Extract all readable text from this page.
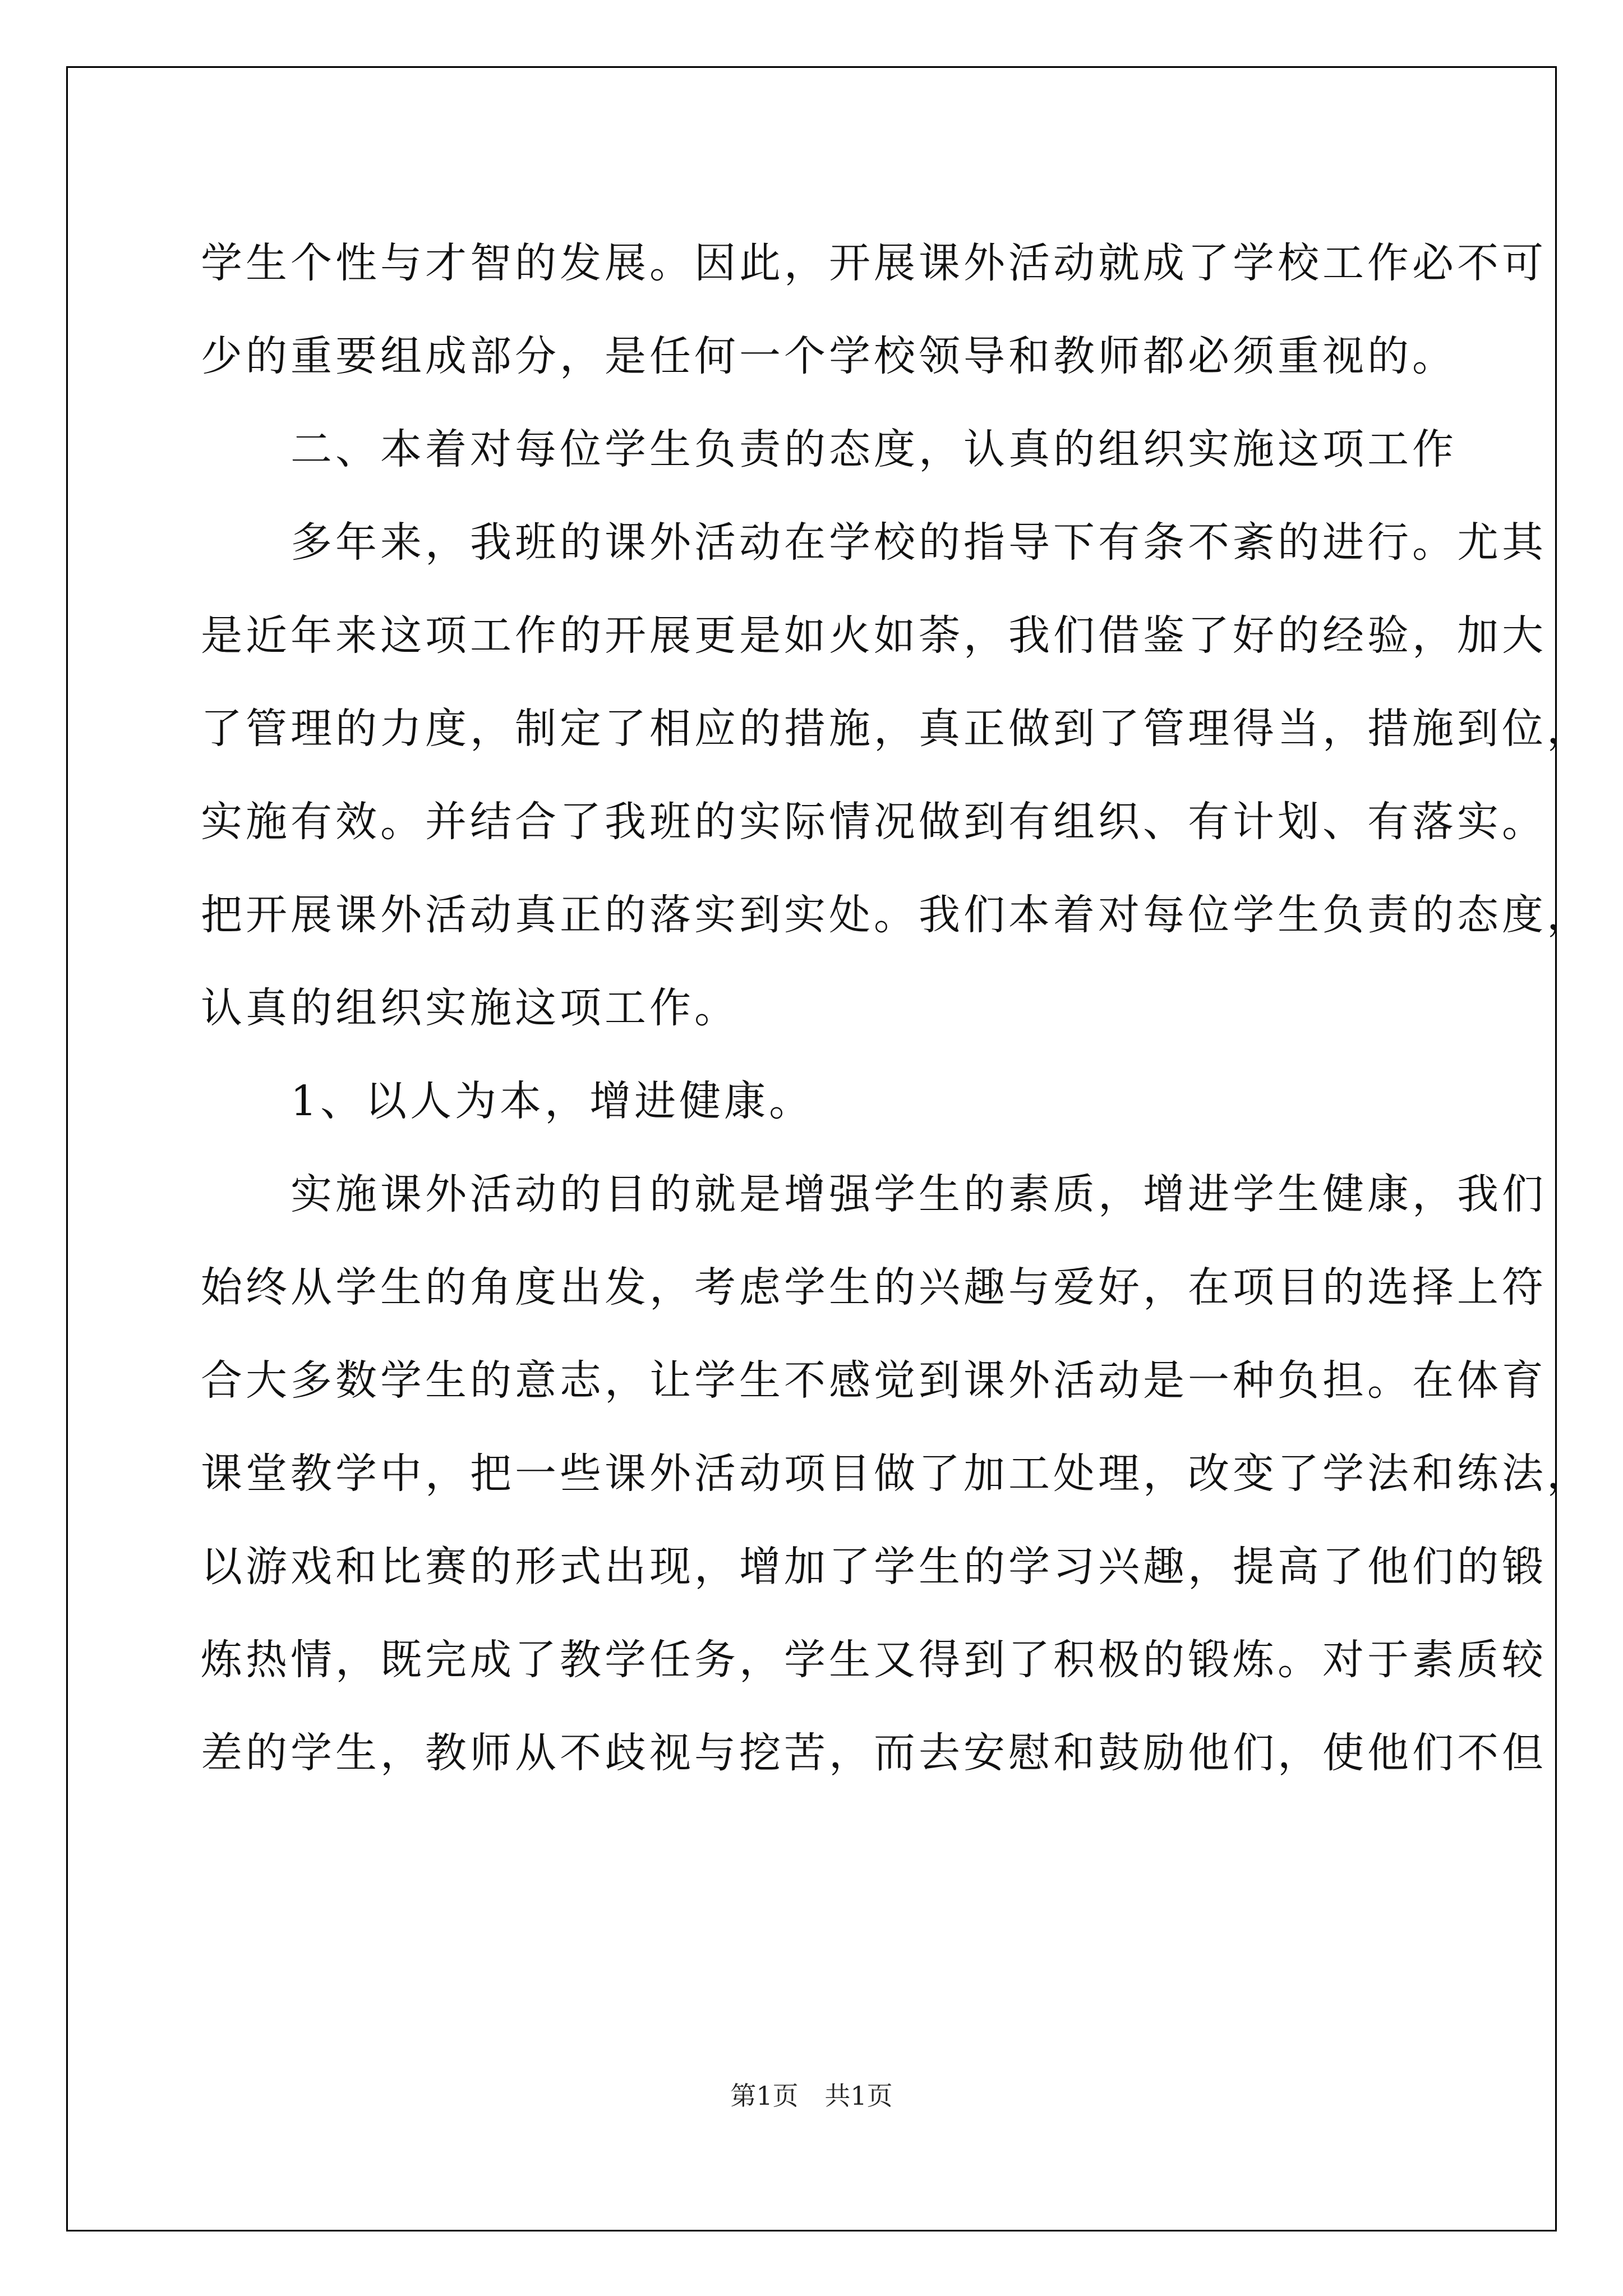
学生个性与才智的发展。因此，开展课外活动就成了学校工作必不可
少的重要组成部分，是任何一个学校领导和教师都必须重视的。
　　二、本着对每位学生负责的态度，认真的组织实施这项工作
　　多年来，我班的课外活动在学校的指导下有条不紊的进行。尤其
是近年来这项工作的开展更是如火如荼，我们借鉴了好的经验，加大
了管理的力度，制定了相应的措施，真正做到了管理得当，措施到位，
实施有效。并结合了我班的实际情况做到有组织、有计划、有落实。
把开展课外活动真正的落实到实处。我们本着对每位学生负责的态度，
认真的组织实施这项工作。
　　1、以人为本，增进健康。
　　实施课外活动的目的就是增强学生的素质，增进学生健康，我们
始终从学生的角度出发，考虑学生的兴趣与爱好，在项目的选择上符
合大多数学生的意志，让学生不感觉到课外活动是一种负担。在体育
课堂教学中，把一些课外活动项目做了加工处理，改变了学法和练法，
以游戏和比赛的形式出现，增加了学生的学习兴趣，提高了他们的锻
炼热情，既完成了教学任务，学生又得到了积极的锻炼。对于素质较
差的学生，教师从不歧视与挖苦，而去安慰和鼓励他们，使他们不但
第1页 共1页
